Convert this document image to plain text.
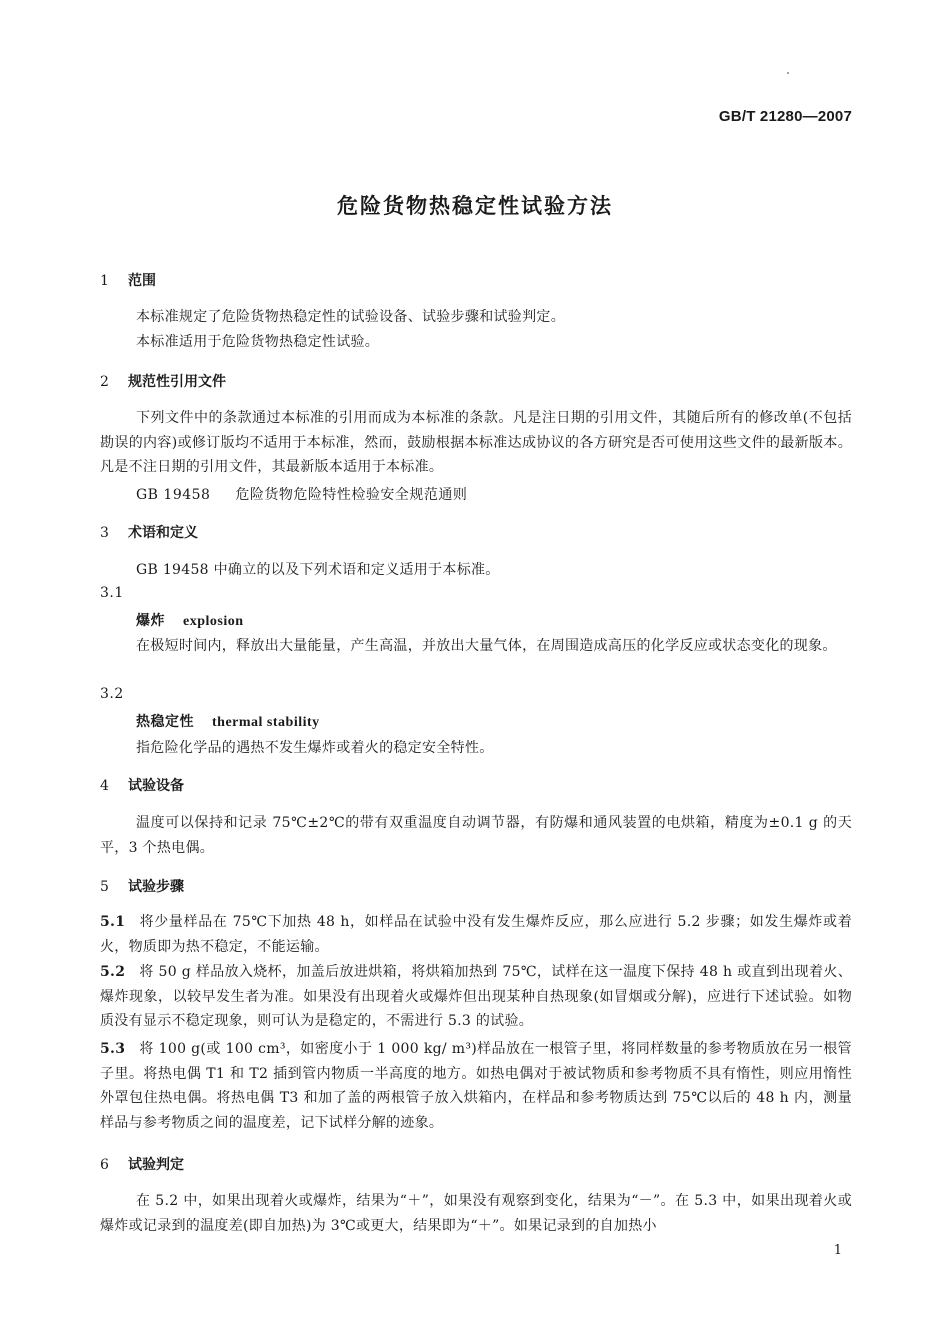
GB/T 21280—2007
危险货物热稳定性试验方法
1 范围
本标准规定了危险货物热稳定性的试验设备、试验步骤和试验判定。
本标准适用于危险货物热稳定性试验。
2 规范性引用文件
下列文件中的条款通过本标准的引用而成为本标准的条款。凡是注日期的引用文件，其随后所有的修改单(不包括勘误的内容)或修订版均不适用于本标准，然而，鼓励根据本标准达成协议的各方研究是否可使用这些文件的最新版本。凡是不注日期的引用文件，其最新版本适用于本标准。
GB 19458 危险货物危险特性检验安全规范通则
3 术语和定义
GB 19458 中确立的以及下列术语和定义适用于本标准。
3.1
爆炸 explosion
在极短时间内，释放出大量能量，产生高温，并放出大量气体，在周围造成高压的化学反应或状态变化的现象。
3.2
热稳定性 thermal stability
指危险化学品的遇热不发生爆炸或着火的稳定安全特性。
4 试验设备
温度可以保持和记录 75℃±2℃的带有双重温度自动调节器，有防爆和通风装置的电烘箱，精度为±0.1 g 的天平，3 个热电偶。
5 试验步骤
5.1 将少量样品在 75℃下加热 48 h，如样品在试验中没有发生爆炸反应，那么应进行 5.2 步骤；如发生爆炸或着火，物质即为热不稳定，不能运输。
5.2 将 50 g 样品放入烧杯，加盖后放进烘箱，将烘箱加热到 75℃，试样在这一温度下保持 48 h 或直到出现着火、爆炸现象，以较早发生者为准。如果没有出现着火或爆炸但出现某种自热现象(如冒烟或分解)，应进行下述试验。如物质没有显示不稳定现象，则可认为是稳定的，不需进行 5.3 的试验。
5.3 将 100 g(或 100 cm³，如密度小于 1 000 kg/ m³)样品放在一根管子里，将同样数量的参考物质放在另一根管子里。将热电偶 T1 和 T2 插到管内物质一半高度的地方。如热电偶对于被试物质和参考物质不具有惰性，则应用惰性外罩包住热电偶。将热电偶 T3 和加了盖的两根管子放入烘箱内，在样品和参考物质达到 75℃以后的 48 h 内，测量样品与参考物质之间的温度差，记下试样分解的迹象。
6 试验判定
在 5.2 中，如果出现着火或爆炸，结果为“＋”，如果没有观察到变化，结果为“－”。在 5.3 中，如果出现着火或爆炸或记录到的温度差(即自加热)为 3℃或更大，结果即为“＋”。如果记录到的自加热小
1
